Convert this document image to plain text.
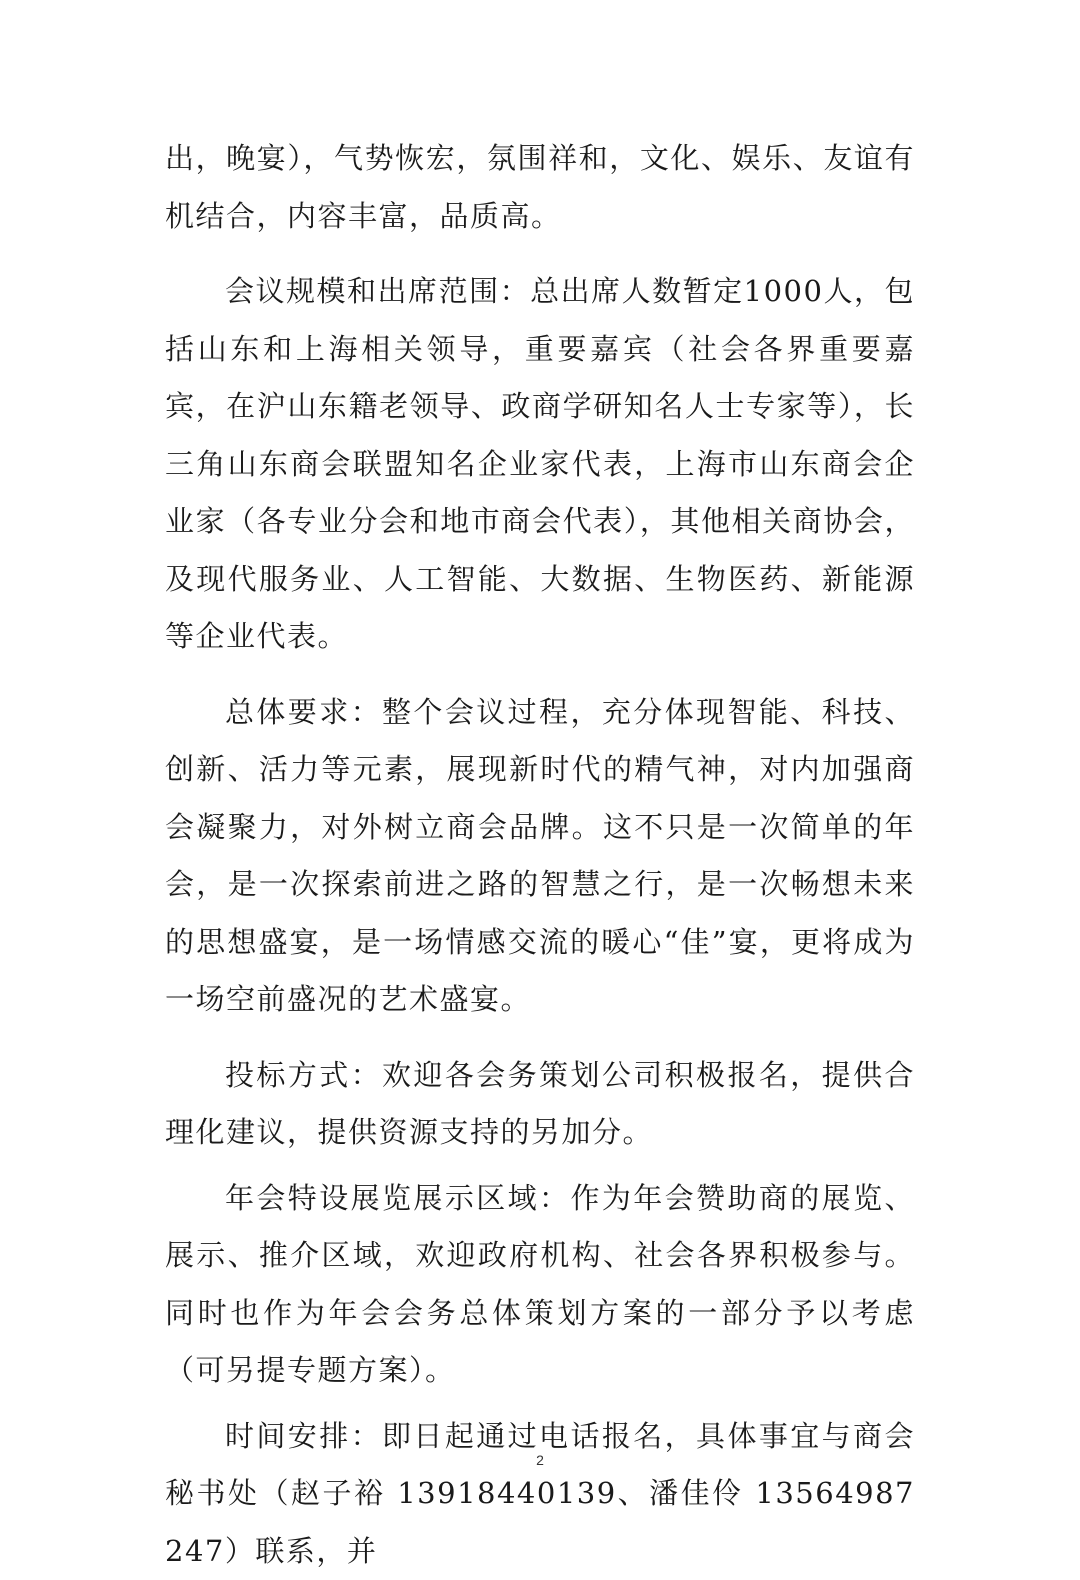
出，晚宴），气势恢宏，氛围祥和，文化、娱乐、友谊有机结合，内容丰富，品质高。

会议规模和出席范围：总出席人数暂定1000人，包括山东和上海相关领导，重要嘉宾（社会各界重要嘉宾，在沪山东籍老领导、政商学研知名人士专家等），长三角山东商会联盟知名企业家代表，上海市山东商会企业家（各专业分会和地市商会代表），其他相关商协会，及现代服务业、人工智能、大数据、生物医药、新能源等企业代表。

总体要求：整个会议过程，充分体现智能、科技、创新、活力等元素，展现新时代的精气神，对内加强商会凝聚力，对外树立商会品牌。这不只是一次简单的年会，是一次探索前进之路的智慧之行，是一次畅想未来的思想盛宴，是一场情感交流的暖心“佳”宴，更将成为一场空前盛况的艺术盛宴。

投标方式：欢迎各会务策划公司积极报名，提供合理化建议，提供资源支持的另加分。

年会特设展览展示区域：作为年会赞助商的展览、展示、推介区域，欢迎政府机构、社会各界积极参与。同时也作为年会会务总体策划方案的一部分予以考虑（可另提专题方案）。

时间安排：即日起通过电话报名，具体事宜与商会秘书处（赵子裕 13918440139、潘佳伶 13564987247）联系，并

2
